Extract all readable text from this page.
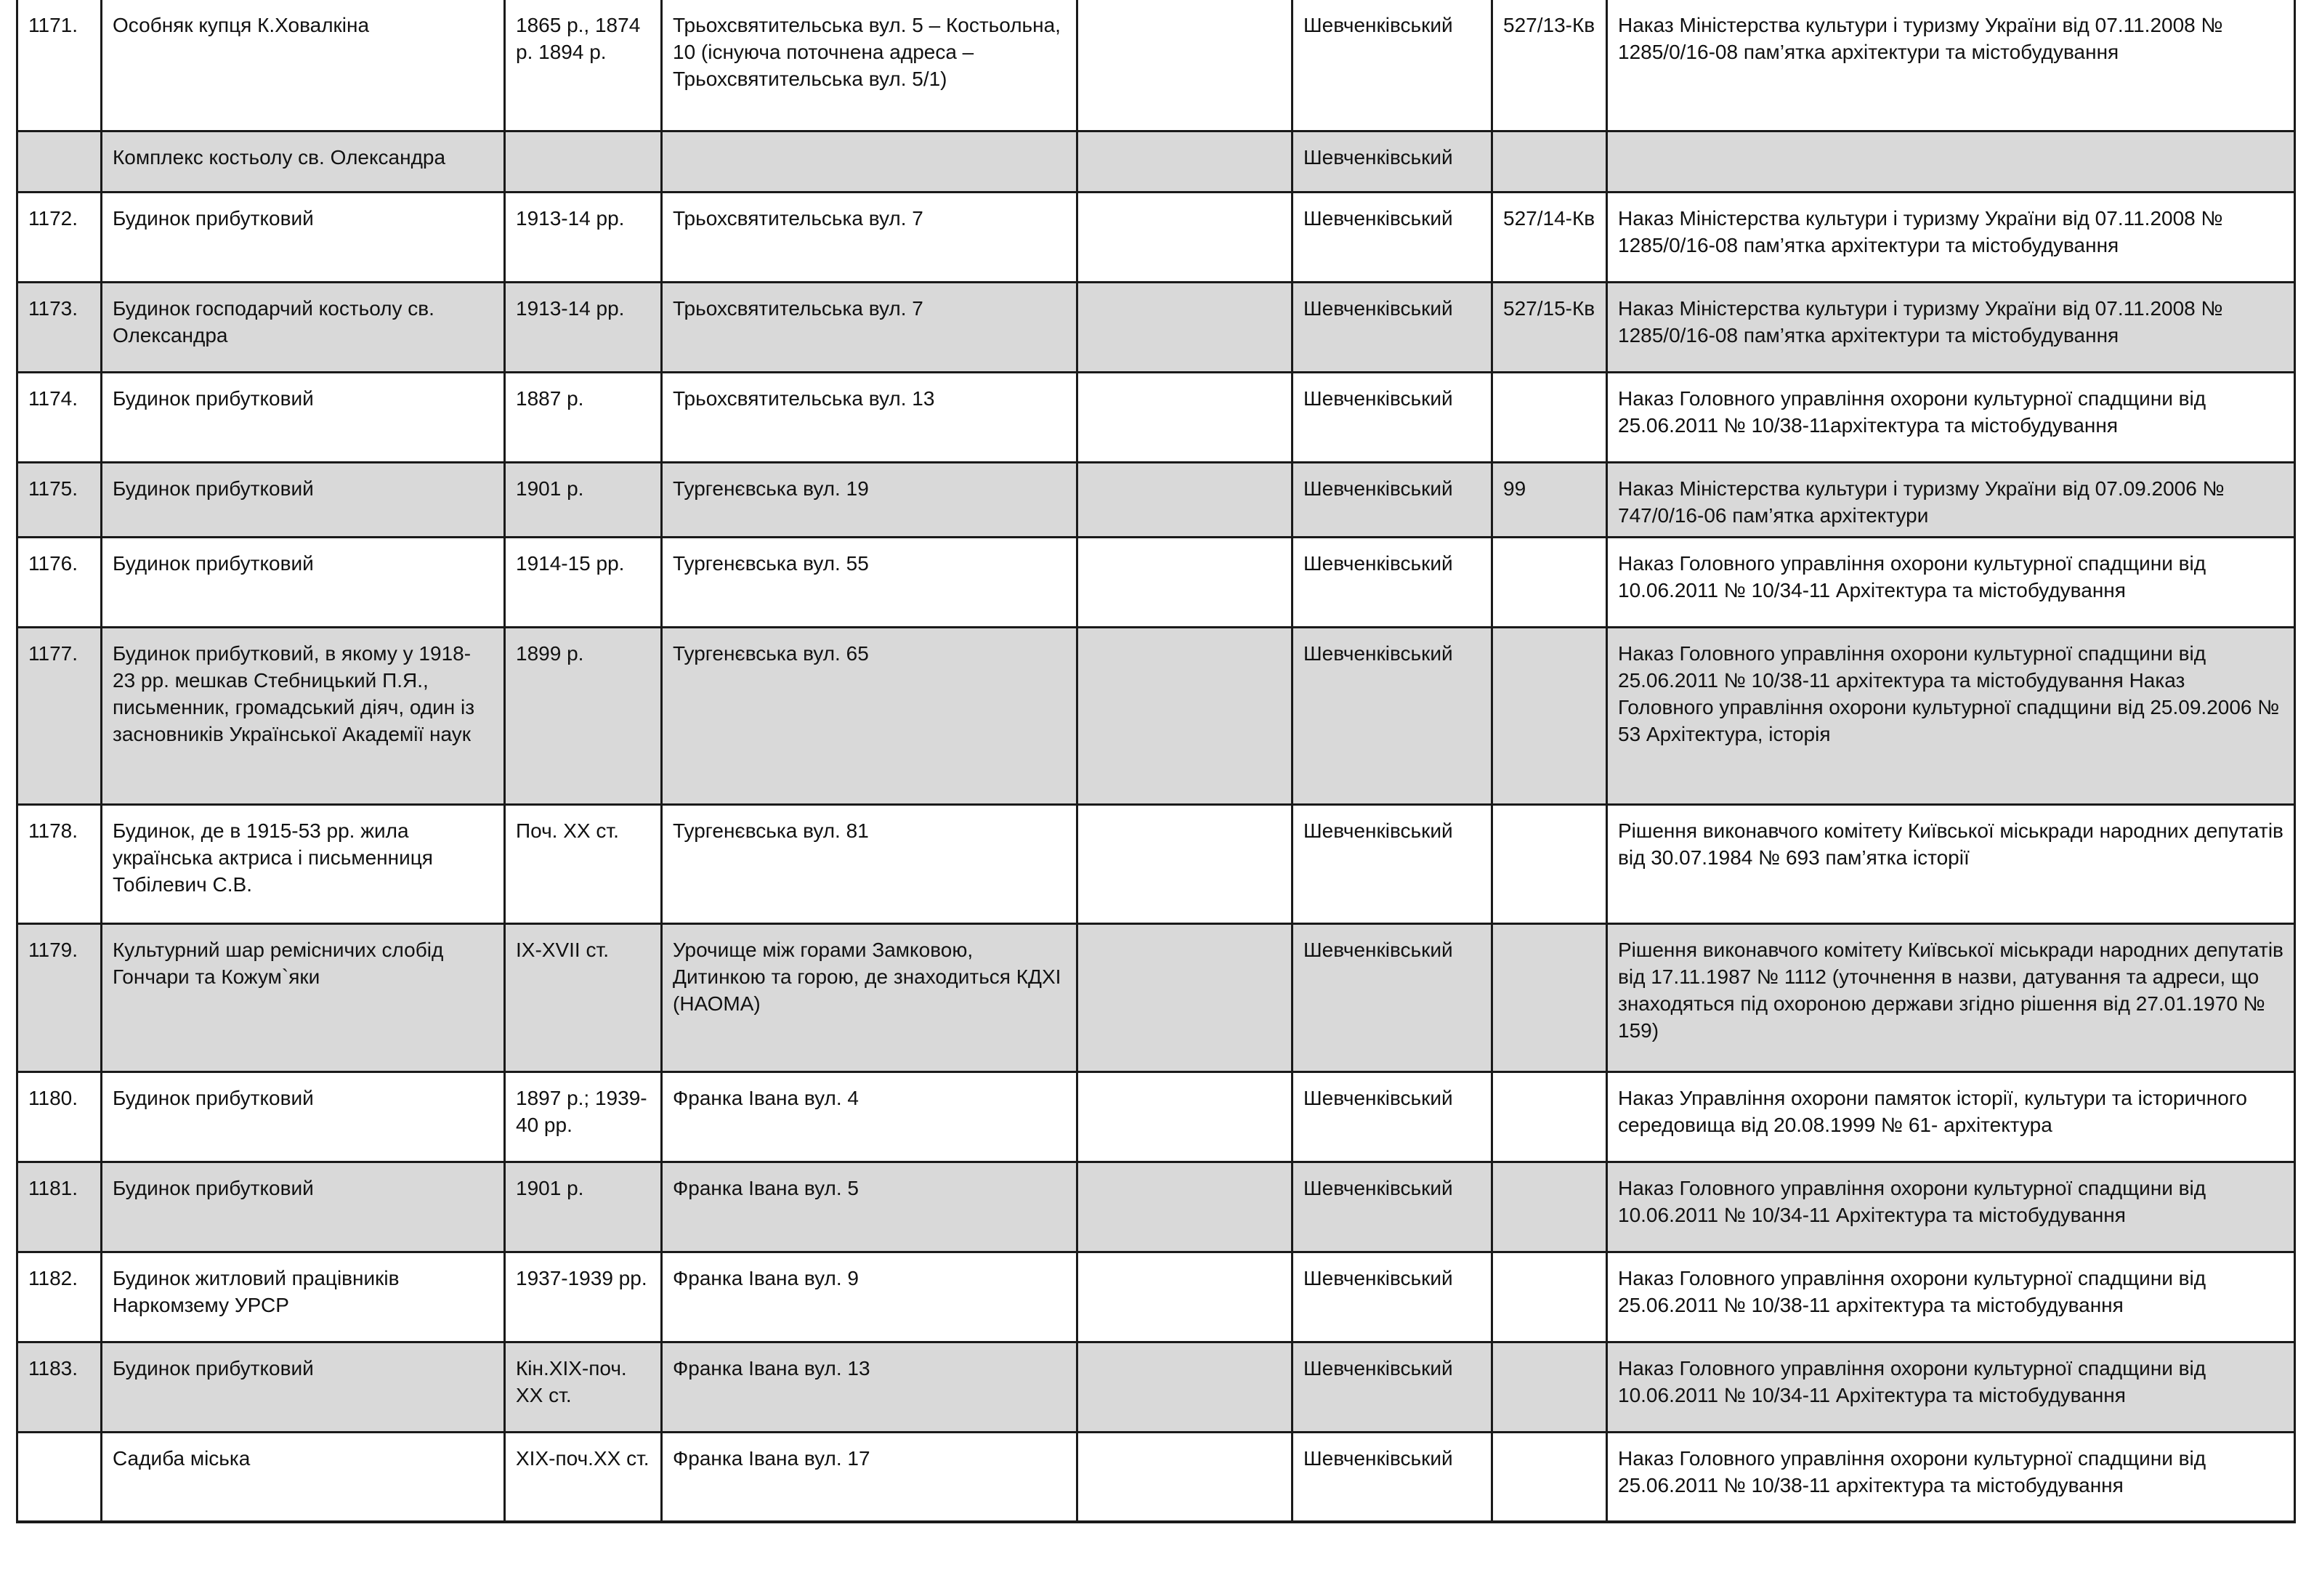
1171.	Особняк купця К.Ховалкіна	1865 р., 1874 р. 1894 р.	Трьохсвятительська вул. 5 – Костьольна, 10 (існуюча поточнена адреса – Трьохсвятительська вул. 5/1)		Шевченківський	527/13-Кв	Наказ Міністерства культури і туризму України від 07.11.2008 № 1285/0/16-08 пам’ятка архітектури та містобудування
	Комплекс костьолу св. Олександра				Шевченківський		
1172.	Будинок прибутковий	1913-14 рр.	Трьохсвятительська вул. 7		Шевченківський	527/14-Кв	Наказ Міністерства культури і туризму України від 07.11.2008 № 1285/0/16-08 пам’ятка архітектури та містобудування
1173.	Будинок господарчий костьолу св. Олександра	1913-14 рр.	Трьохсвятительська вул. 7		Шевченківський	527/15-Кв	Наказ Міністерства культури і туризму України від 07.11.2008 № 1285/0/16-08 пам’ятка архітектури та містобудування
1174.	Будинок прибутковий	1887 р.	Трьохсвятительська вул. 13		Шевченківський		Наказ Головного управління охорони культурної спадщини від 25.06.2011 № 10/38-11архітектура та містобудування
1175.	Будинок прибутковий	1901 р.	Тургенєвська вул. 19		Шевченківський	99	Наказ Міністерства культури і туризму України від 07.09.2006 № 747/0/16-06 пам’ятка архітектури
1176.	Будинок прибутковий	1914-15 рр.	Тургенєвська вул. 55		Шевченківський		Наказ Головного управління охорони культурної спадщини від 10.06.2011 № 10/34-11 Архітектура та містобудування
1177.	Будинок прибутковий, в якому у 1918-23 рр. мешкав Стебницький П.Я., письменник, громадський діяч, один із засновників Української Академії наук	1899 р.	Тургенєвська вул. 65		Шевченківський		Наказ Головного управління охорони культурної спадщини від 25.06.2011 № 10/38-11 архітектура та містобудування Наказ Головного управління охорони культурної спадщини від 25.09.2006 № 53 Архітектура, історія
1178.	Будинок, де в 1915-53 рр. жила українська актриса і письменниця Тобілевич С.В.	Поч. ХХ ст.	Тургенєвська вул. 81		Шевченківський		Рішення виконавчого комітету Київської міськради народних депутатів від 30.07.1984 № 693 пам’ятка історії
1179.	Культурний шар ремісничих слобід Гончари та Кожум`яки	IX-XVII ст.	Урочище між горами Замковою, Дитинкою та горою, де знаходиться КДХІ (НАОМА)		Шевченківський		Рішення виконавчого комітету Київської міськради народних депутатів від 17.11.1987 № 1112 (уточнення в назви, датування та адреси, що знаходяться під охороною держави згідно рішення від 27.01.1970 № 159)
1180.	Будинок прибутковий	1897 р.; 1939-40 рр.	Франка Івана вул. 4		Шевченківський		Наказ Управління охорони памяток історії, культури та історичного середовища від 20.08.1999 № 61- архітектура
1181.	Будинок прибутковий	1901 р.	Франка Івана вул. 5		Шевченківський		Наказ Головного управління охорони культурної спадщини від 10.06.2011 № 10/34-11 Архітектура та містобудування
1182.	Будинок житловий працівників Наркомзему УРСР	1937-1939 рр.	Франка Івана вул. 9		Шевченківський		Наказ Головного управління охорони культурної спадщини від 25.06.2011 № 10/38-11 архітектура та містобудування
1183.	Будинок прибутковий	Кін.XIX-поч. XX ст.	Франка Івана вул. 13		Шевченківський		Наказ Головного управління охорони культурної спадщини від 10.06.2011 № 10/34-11 Архітектура та містобудування
	Садиба міська	XIX-поч.XX ст.	Франка Івана вул. 17		Шевченківський		Наказ Головного управління охорони культурної спадщини від 25.06.2011 № 10/38-11 архітектура та містобудування
